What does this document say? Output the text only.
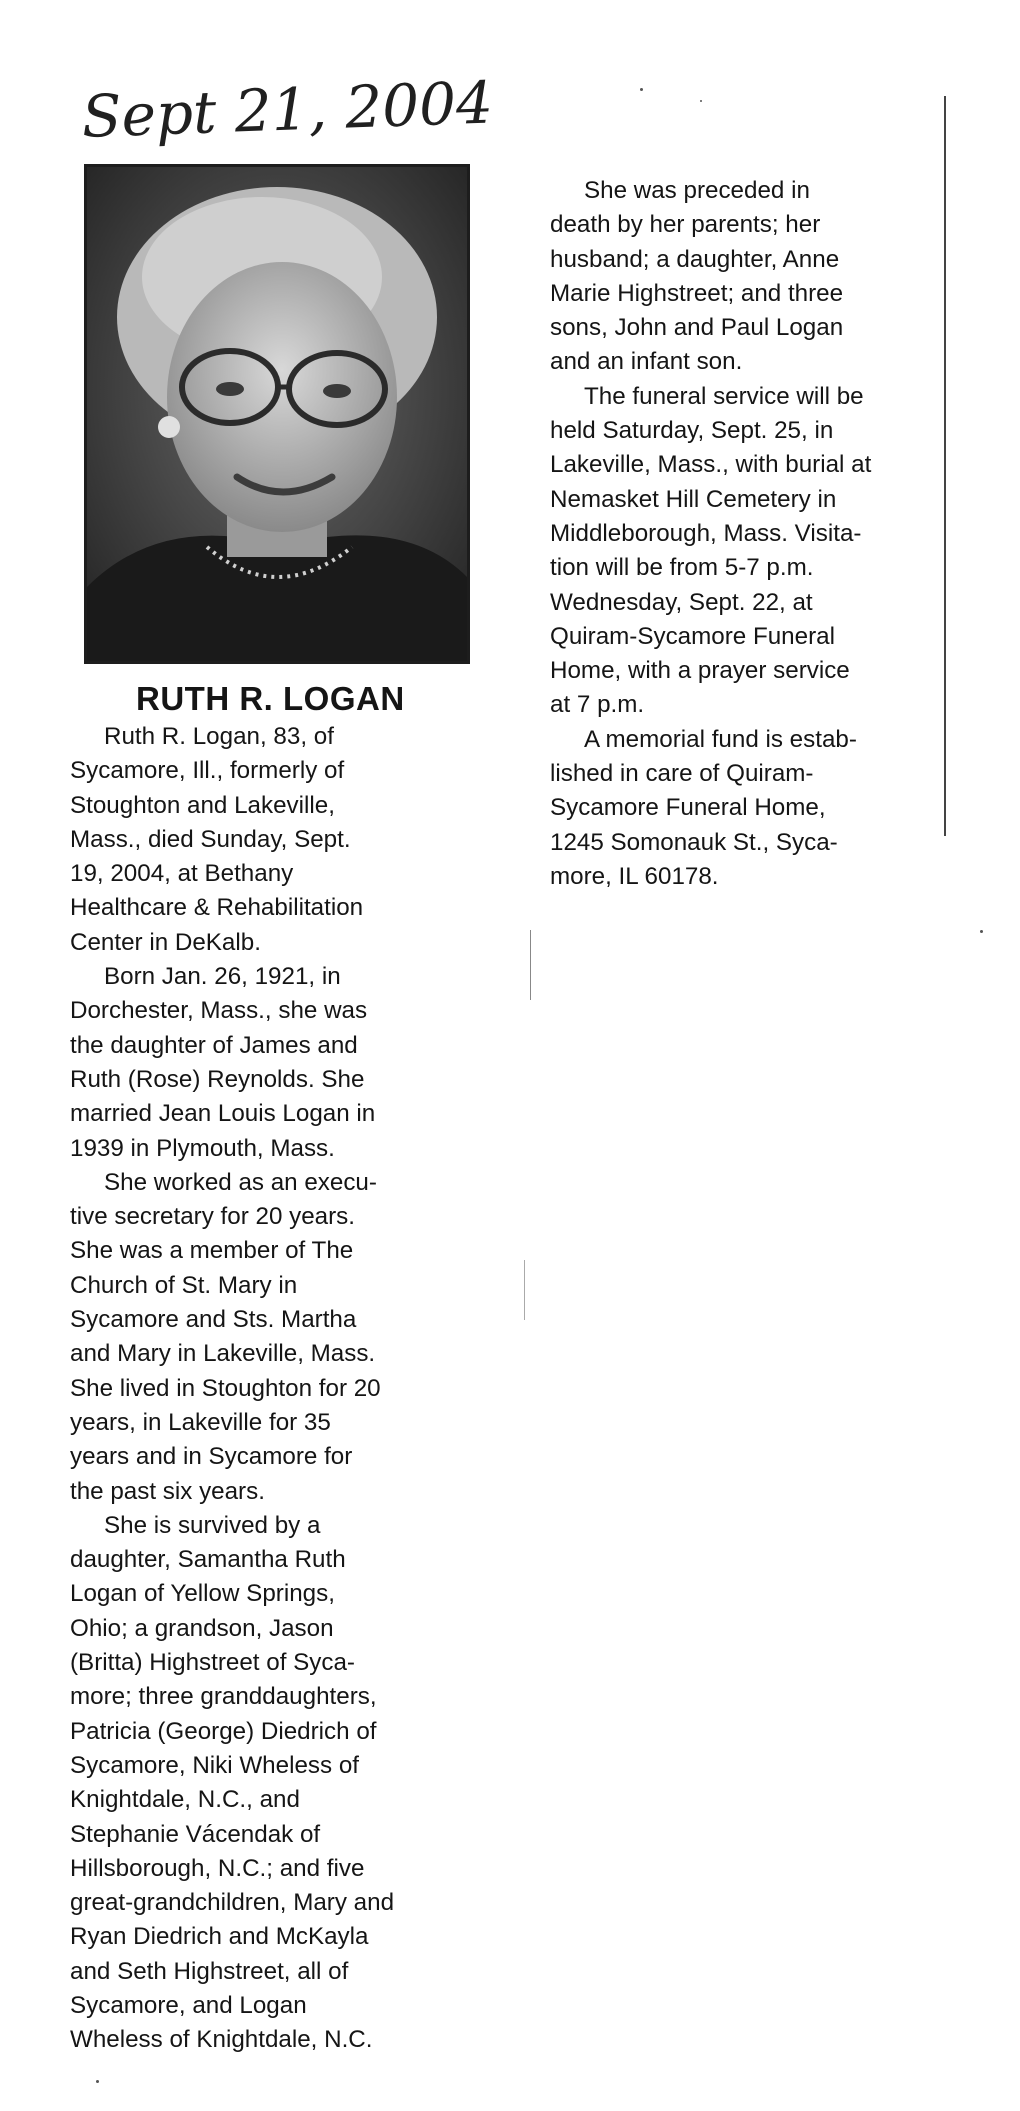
Sept 21, 2004
RUTH R. LOGAN

Ruth R. Logan, 83, of
Sycamore, Ill., formerly of
Stoughton and Lakeville,
Mass., died Sunday, Sept.
19, 2004, at Bethany
Healthcare & Rehabilitation
Center in DeKalb.

Born Jan. 26, 1921, in
Dorchester, Mass., she was
the daughter of James and
Ruth (Rose) Reynolds. She
married Jean Louis Logan in
1939 in Plymouth, Mass.

She worked as an execu-
tive secretary for 20 years.
She was a member of The
Church of St. Mary in
Sycamore and Sts. Martha
and Mary in Lakeville, Mass.
She lived in Stoughton for 20
years, in Lakeville for 35
years and in Sycamore for
the past six years.

She is survived by a
daughter, Samantha Ruth
Logan of Yellow Springs,
Ohio; a grandson, Jason
(Britta) Highstreet of Syca-
more; three granddaughters,
Patricia (George) Diedrich of
Sycamore, Niki Wheless of
Knightdale, N.C., and
Stephanie Vácendak of
Hillsborough, N.C.; and five
great-grandchildren, Mary and
Ryan Diedrich and McKayla
and Seth Highstreet, all of
Sycamore, and Logan
Wheless of Knightdale, N.C.

She was preceded in
death by her parents; her
husband; a daughter, Anne
Marie Highstreet; and three
sons, John and Paul Logan
and an infant son.

The funeral service will be
held Saturday, Sept. 25, in
Lakeville, Mass., with burial at
Nemasket Hill Cemetery in
Middleborough, Mass. Visita-
tion will be from 5-7 p.m.
Wednesday, Sept. 22, at
Quiram-Sycamore Funeral
Home, with a prayer service
at 7 p.m.

A memorial fund is estab-
lished in care of Quiram-
Sycamore Funeral Home,
1245 Somonauk St., Syca-
more, IL 60178.
